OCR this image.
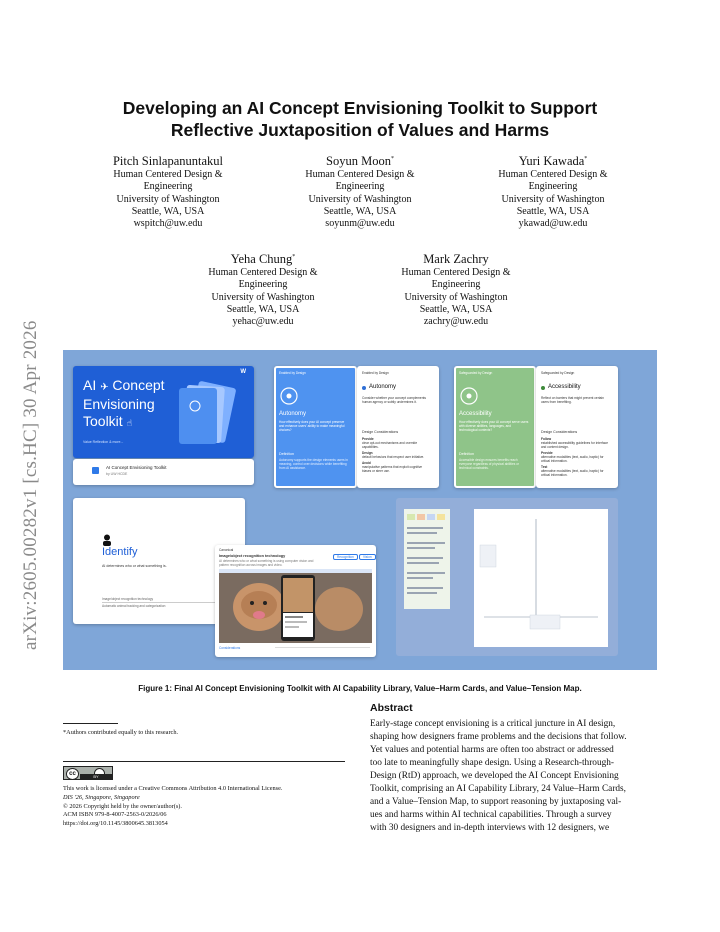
arXiv:2605.00282v1 [cs.HC] 30 Apr 2026
Developing an AI Concept Envisioning Toolkit to Support
Reflective Juxtaposition of Values and Harms
Pitch Sinlapanuntakul
Human Centered Design &
Engineering
University of Washington
Seattle, WA, USA
wspitch@uw.edu
Soyun Moon*
Human Centered Design &
Engineering
University of Washington
Seattle, WA, USA
soyunm@uw.edu
Yuri Kawada*
Human Centered Design &
Engineering
University of Washington
Seattle, WA, USA
ykawad@uw.edu
Yeha Chung*
Human Centered Design &
Engineering
University of Washington
Seattle, WA, USA
yehac@uw.edu
Mark Zachry
Human Centered Design &
Engineering
University of Washington
Seattle, WA, USA
zachry@uw.edu
W
AI ✈ Concept
Envisioning
Toolkit ☝
Value Reflection & more...
AI Concept Envisioning Toolkit
by UW HCDE
Enabled by Design
Autonomy
How effectively does your AI concept preserve and enhance users' ability to make meaningful choices?
Definition
Autonomy supports the design elements users in meaning, control over decisions while benefiting from AI assistance.
Enabled by Design
Autonomy
Consider whether your concept complements human agency or subtly undermines it.
Design Considerations
Provide
clear opt-out mechanisms and override capabilities.
Design
default behaviors that respect user initiative.
Avoid
manipulative patterns that exploit cognitive biases or steer use.
Safeguarded by Design
Accessibility
How effectively does your AI concept serve users with diverse abilities, languages, and technological contexts?
Definition
Accessible design ensures benefits reach everyone regardless of physical abilities or technical constraints.
Safeguarded by Design
Accessibility
Reflect on barriers that might prevent certain users from benefiting.
Design Considerations
Follow
established accessibility guidelines for interface and content design.
Provide
alternative modalities (text, audio, haptic) for critical information.
Test
alternative modalities (text, audio, haptic) for critical information.
Identify
AI determines who or what something is.
Image/object recognition technology
Automatic animal tracking and categorization
Canonical
Image/object recognition technology
AI determines who or what something is using computer vision and pattern recognition across images and video.
Recognition	Vision
Considerations
Figure 1: Final AI Concept Envisioning Toolkit with AI Capability Library, Value–Harm Cards, and Value–Tension Map.
Abstract
Early-stage concept envisioning is a critical juncture in AI design,
shaping how designers frame problems and the decisions that follow.
Yet values and potential harms are often too abstract or addressed
too late to meaningfully shape design. Using a Research-through-
Design (RtD) approach, we developed the AI Concept Envisioning
Toolkit, comprising an AI Capability Library, 24 Value–Harm Cards,
and a Value–Tension Map, to support reasoning by juxtaposing val-
ues and harms within AI technical capabilities. Through a survey
with 30 designers and in-depth interviews with 12 designers, we
*Authors contributed equally to this research.
cc	BY
This work is licensed under a Creative Commons Attribution 4.0 International License.
DIS '26, Singapore, Singapore
© 2026 Copyright held by the owner/author(s).
ACM ISBN 979-8-4007-2563-0/2026/06
https://doi.org/10.1145/3800645.3813054
